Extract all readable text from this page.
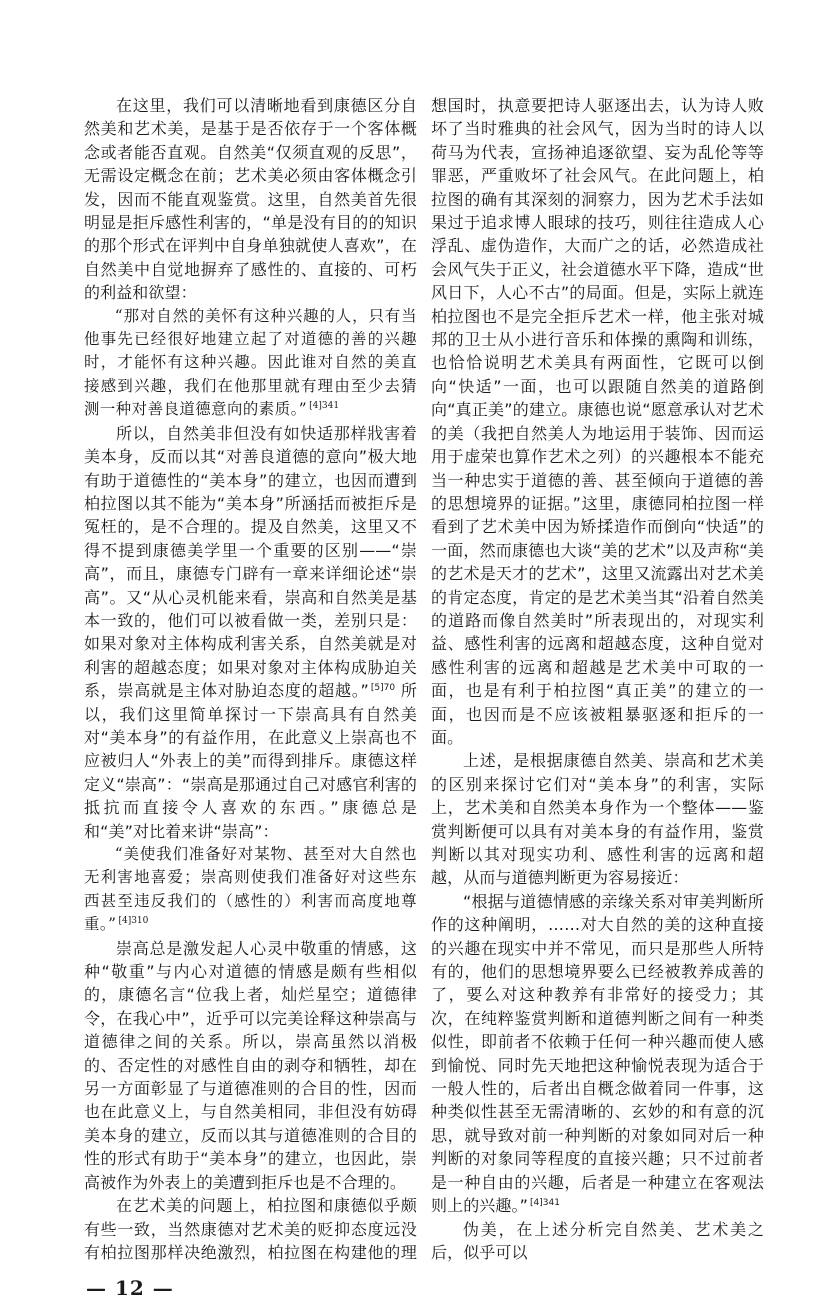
在这里，我们可以清晰地看到康德区分自然美和艺术美，是基于是否依存于一个客体概念或者能否直观。自然美“仅须直观的反思”，无需设定概念在前；艺术美必须由客体概念引发，因而不能直观鉴赏。这里，自然美首先很明显是拒斥感性利害的，“单是没有目的的知识的那个形式在评判中自身单独就使人喜欢”，在自然美中自觉地摒弃了感性的、直接的、可朽的利益和欲望：

“那对自然的美怀有这种兴趣的人，只有当他事先已经很好地建立起了对道德的善的兴趣时，才能怀有这种兴趣。因此谁对自然的美直接感到兴趣，我们在他那里就有理由至少去猜测一种对善良道德意向的素质。” $^{[4]341}$

所以，自然美非但没有如快适那样戕害着美本身，反而以其“对善良道德的意向”极大地有助于道德性的“美本身”的建立，也因而遭到柏拉图以其不能为“美本身”所涵括而被拒斥是冤枉的，是不合理的。提及自然美，这里又不得不提到康德美学里一个重要的区别——“崇高”，而且，康德专门辟有一章来详细论述“崇高”。又“从心灵机能来看，崇高和自然美是基本一致的，他们可以被看做一类，差别只是：如果对象对主体构成利害关系，自然美就是对利害的超越态度；如果对象对主体构成胁迫关系，崇高就是主体对胁迫态度的超越。” $^{[5]70}$ 所以，我们这里简单探讨一下崇高具有自然美对“美本身”的有益作用，在此意义上崇高也不应被归人“外表上的美”而得到排斥。康德这样定义“崇高”：“崇高是那通过自己对感官利害的抵抗而直接令人喜欢的东西。”康德总是和“美”对比着来讲“崇高”：

“美使我们准备好对某物、甚至对大自然也无利害地喜爱；崇高则使我们准备好对这些东西甚至违反我们的（感性的）利害而高度地尊重。” $^{[4]310}$

崇高总是激发起人心灵中敬重的情感，这种“敬重”与内心对道德的情感是颇有些相似的，康德名言“位我上者，灿烂星空；道德律令，在我心中”，近乎可以完美诠释这种崇高与道德律之间的关系。所以，崇高虽然以消极的、否定性的对感性自由的剥夺和牺牲，却在另一方面彰显了与道德准则的合目的性，因而也在此意义上，与自然美相同，非但没有妨碍美本身的建立，反而以其与道德准则的合目的性的形式有助于“美本身”的建立，也因此，崇高被作为外表上的美遭到拒斥也是不合理的。

在艺术美的问题上，柏拉图和康德似乎颇有些一致，当然康德对艺术美的贬抑态度远没有柏拉图那样决绝激烈，柏拉图在构建他的理想国时，执意要把诗人驱逐出去，认为诗人败坏了当时雅典的社会风气，因为当时的诗人以荷马为代表，宣扬神追逐欲望、妄为乱伦等等罪恶，严重败坏了社会风气。在此问题上，柏拉图的确有其深刻的洞察力，因为艺术手法如果过于追求博人眼球的技巧，则往往造成人心浮乱、虚伪造作，大而广之的话，必然造成社会风气失于正义，社会道德水平下降，造成“世风日下，人心不古”的局面。但是，实际上就连柏拉图也不是完全拒斥艺术一样，他主张对城邦的卫士从小进行音乐和体操的熏陶和训练，也恰恰说明艺术美具有两面性，它既可以倒向“快适”一面，也可以跟随自然美的道路倒向“真正美”的建立。康德也说“愿意承认对艺术的美（我把自然美人为地运用于装饰、因而运用于虚荣也算作艺术之列）的兴趣根本不能充当一种忠实于道德的善、甚至倾向于道德的善的思想境界的证据。”这里，康德同柏拉图一样看到了艺术美中因为矫揉造作而倒向“快适”的一面，然而康德也大谈“美的艺术”以及声称“美的艺术是天才的艺术”，这里又流露出对艺术美的肯定态度，肯定的是艺术美当其“沿着自然美的道路而像自然美时”所表现出的，对现实利益、感性利害的远离和超越态度，这种自觉对感性利害的远离和超越是艺术美中可取的一面，也是有利于柏拉图“真正美”的建立的一面，也因而是不应该被粗暴驱逐和拒斥的一面。

上述，是根据康德自然美、崇高和艺术美的区别来探讨它们对“美本身”的利害，实际上，艺术美和自然美本身作为一个整体——鉴赏判断便可以具有对美本身的有益作用，鉴赏判断以其对现实功利、感性利害的远离和超越，从而与道德判断更为容易接近：

“根据与道德情感的亲缘关系对审美判断所作的这种阐明，……对大自然的美的这种直接的兴趣在现实中并不常见，而只是那些人所特有的，他们的思想境界要么已经被教养成善的了，要么对这种教养有非常好的接受力；其次，在纯粹鉴赏判断和道德判断之间有一种类似性，即前者不依赖于任何一种兴趣而使人感到愉悦、同时先天地把这种愉悦表现为适合于一般人性的，后者出自概念做着同一件事，这种类似性甚至无需清晰的、玄妙的和有意的沉思，就导致对前一种判断的对象如同对后一种判断的对象同等程度的直接兴趣；只不过前者是一种自由的兴趣，后者是一种建立在客观法则上的兴趣。” $^{[4]341}$

伪美，在上述分析完自然美、艺术美之后，似乎可以

— 12 —
